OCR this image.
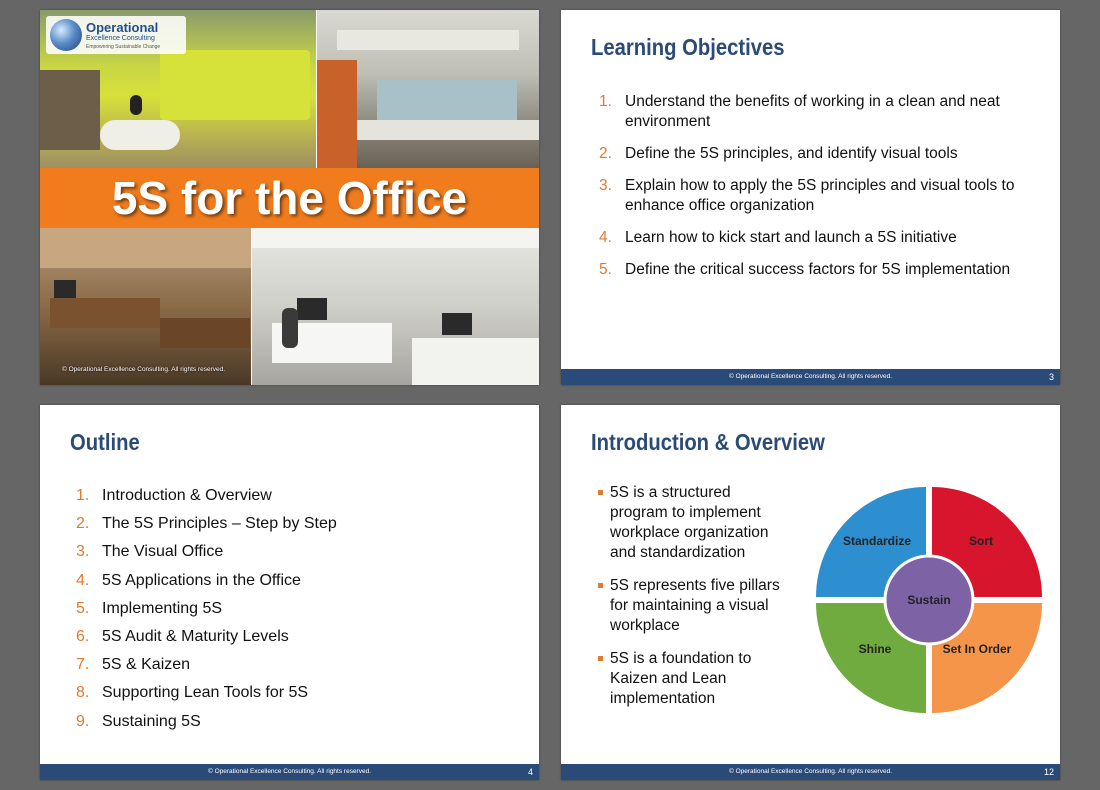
5S for the Office
Operational
Excellence Consulting
Empowering Sustainable Change
© Operational Excellence Consulting. All rights reserved.
Learning Objectives
1. Understand the benefits of working in a clean and neat environment
2. Define the 5S principles, and identify visual tools
3. Explain how to apply the 5S principles and visual tools to enhance office organization
4. Learn how to kick start and launch a 5S initiative
5. Define the critical success factors for 5S implementation
© Operational Excellence Consulting. All rights reserved.	3
Outline
1. Introduction & Overview
2. The 5S Principles – Step by Step
3. The Visual Office
4. 5S Applications in the Office
5. Implementing 5S
6. 5S Audit & Maturity Levels
7. 5S & Kaizen
8. Supporting Lean Tools for 5S
9. Sustaining 5S
© Operational Excellence Consulting. All rights reserved.	4
Introduction & Overview
5S is a structured program to implement workplace organization and standardization
5S represents five pillars for maintaining a visual workplace
5S is a foundation to Kaizen and Lean implementation
Standardize	Sort
Shine	Set In Order
Sustain
© Operational Excellence Consulting. All rights reserved.	12
